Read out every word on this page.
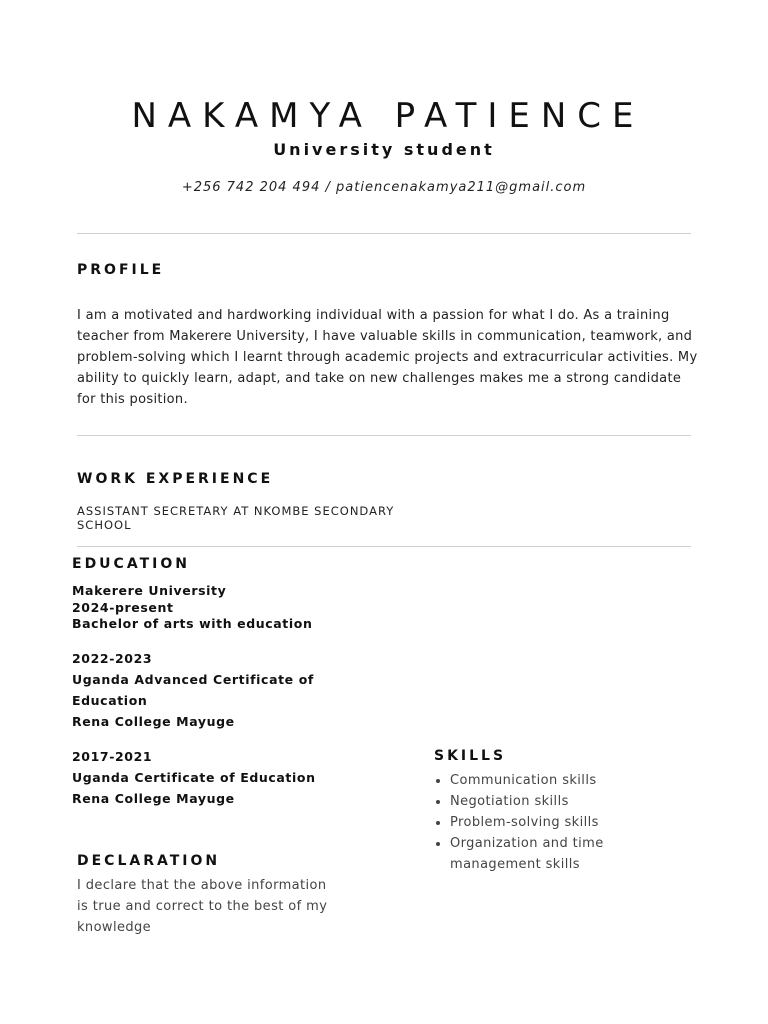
NAKAMYA PATIENCE
University student
+256 742 204 494 / patiencenakamya211@gmail.com
PROFILE
I am a motivated and hardworking individual with a passion for what I do. As a training teacher from Makerere University, I have valuable skills in communication, teamwork, and problem-solving which I learnt through academic projects and extracurricular activities. My ability to quickly learn, adapt, and take on new challenges makes me a strong candidate for this position.
WORK EXPERIENCE
ASSISTANT SECRETARY AT NKOMBE SECONDARY SCHOOL
EDUCATION
Makerere University
2024-present
Bachelor of arts with education
2022-2023
Uganda Advanced Certificate of Education
Rena College Mayuge
2017-2021
Uganda Certificate of Education
Rena College Mayuge
SKILLS
• Communication skills
• Negotiation skills
• Problem-solving skills
• Organization and time management skills
DECLARATION
I declare that the above information is true and correct to the best of my knowledge
